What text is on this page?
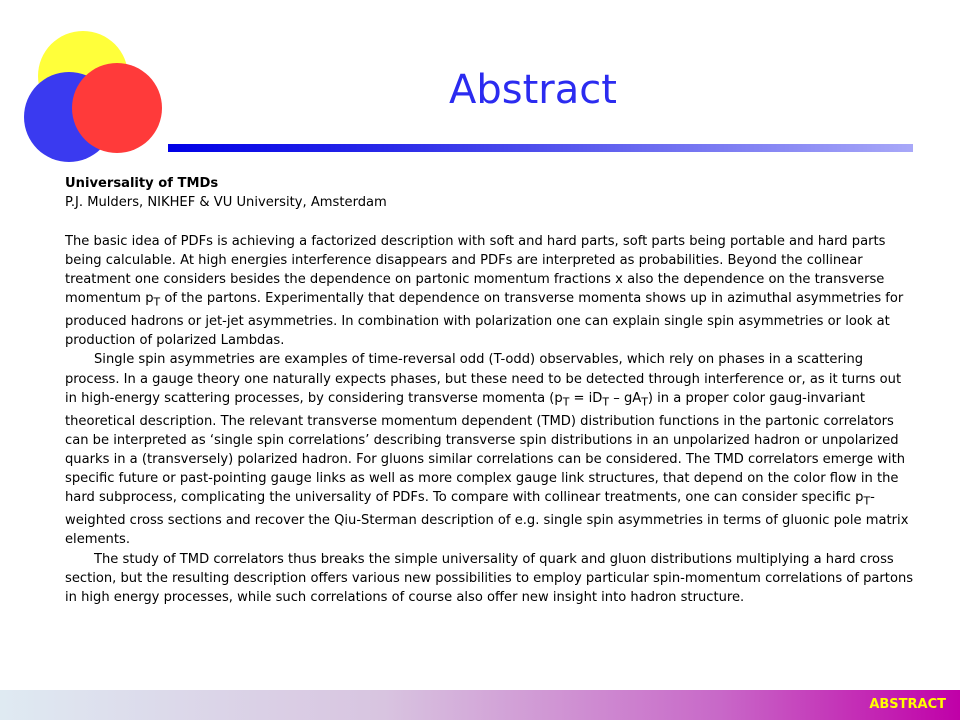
Abstract

Universality of TMDs

P.J. Mulders, NIKHEF & VU University, Amsterdam

The basic idea of PDFs is achieving a factorized description with soft and hard parts, soft parts being portable and hard parts being calculable. At high energies interference disappears and PDFs are interpreted as probabilities. Beyond the collinear treatment one considers besides the dependence on partonic momentum fractions x also the dependence on the transverse momentum $p_T$ of the partons. Experimentally that dependence on transverse momenta shows up in azimuthal asymmetries for produced hadrons or jet-jet asymmetries. In combination with polarization one can explain single spin asymmetries or look at production of polarized Lambdas.

Single spin asymmetries are examples of time-reversal odd (T-odd) observables, which rely on phases in a scattering process. In a gauge theory one naturally expects phases, but these need to be detected through interference or, as it turns out in high-energy scattering processes, by considering transverse momenta $(p_T = iD_T - gA_T)$ in a proper color gaug-invariant theoretical description. The relevant transverse momentum dependent (TMD) distribution functions in the partonic correlators can be interpreted as ‘single spin correlations’ describing transverse spin distributions in an unpolarized hadron or unpolarized quarks in a (transversely) polarized hadron. For gluons similar correlations can be considered. The TMD correlators emerge with specific future or past-pointing gauge links as well as more complex gauge link structures, that depend on the color flow in the hard subprocess, complicating the universality of PDFs. To compare with collinear treatments, one can consider specific $p_T$-weighted cross sections and recover the Qiu-Sterman description of e.g. single spin asymmetries in terms of gluonic pole matrix elements.

The study of TMD correlators thus breaks the simple universality of quark and gluon distributions multiplying a hard cross section, but the resulting description offers various new possibilities to employ particular spin-momentum correlations of partons in high energy processes, while such correlations of course also offer new insight into hadron structure.

ABSTRACT
